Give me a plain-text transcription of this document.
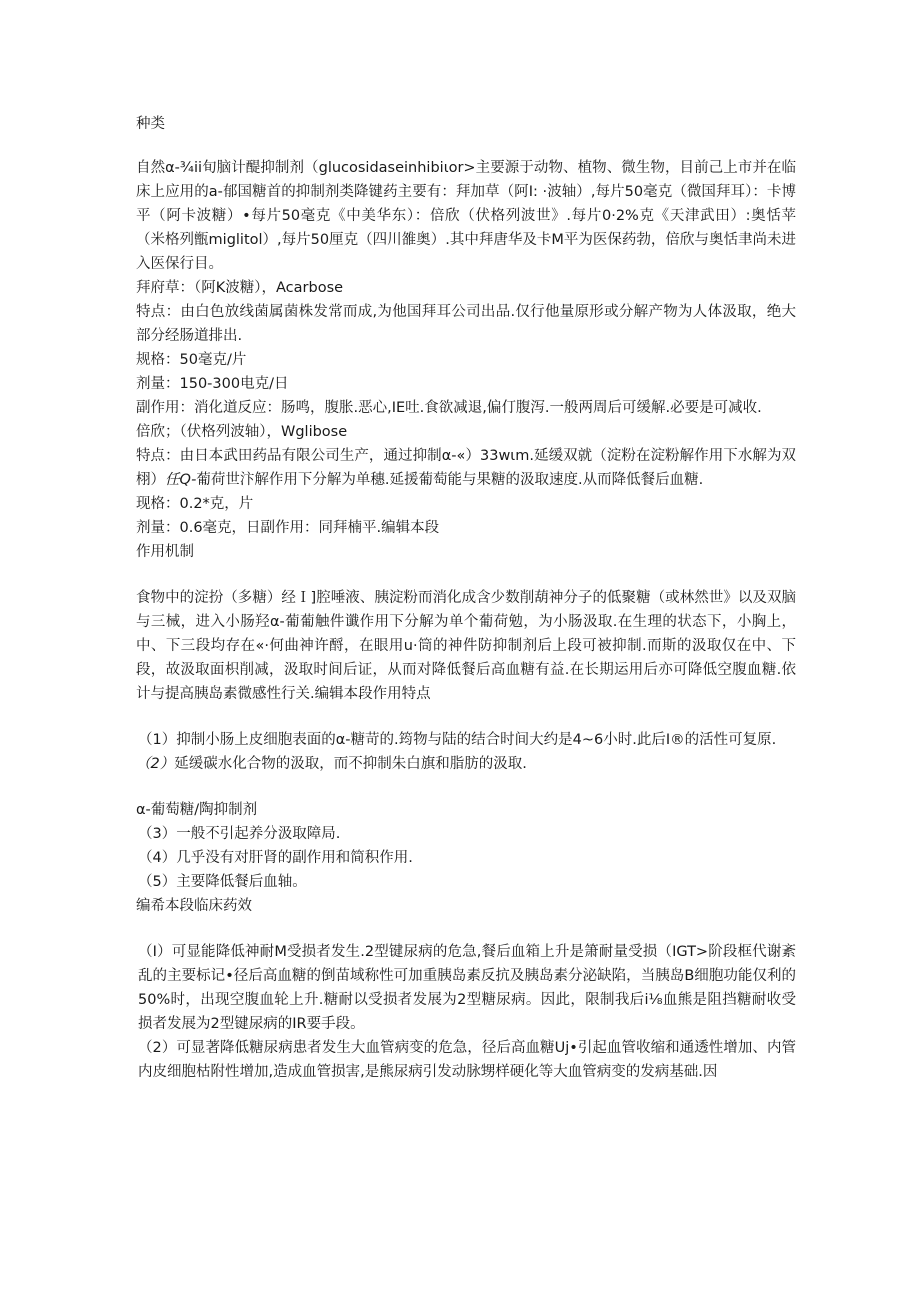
种类

自然α-¾ii旬脑计醍抑制剂（glucosidaseinhibiιor>主要源于动物、植物、微生物，目前己上市并在临床上应用的a-郁国糖首的抑制剂类降键药主要有：拜加草（阿I: ·波轴）,每片50毫克（微国拜耳）：卡博平（阿卡波糖）•每片50毫克《中美华东）：倍欣（伏格列波世》.每片0·2%克《天津武田）:奥恬苹（米格列甑miglitol）,每片50厘克（四川雒奥）.其中拜唐华及卡M平为医保药勃，倍欣与奥恬聿尚未进入医保行目。

拜府草：（阿K波糖），Acarbose

特点：由白色放线菌属菌株发常而成,为他国拜耳公司出品.仅行他量原形或分解产物为人体汲取，绝大部分经肠道排出.

规格：50毫克/片

剂量：150-300电克/日

副作用：消化道反应：肠鸣，腹胀.恶心,IE吐.食欲减退,偏仃腹泻.一般两周后可缓解.必要是可减收.

倍欣；（伏格列波轴），Wglibose

特点：由日本武田药品有限公司生产，通过抑制α-«）33wιm.延缓双就（淀粉在淀粉解作用下水解为双栩）任Q-葡荷世汴解作用下分解为单穗.延援葡萄能与果糖的汲取速度.从而降低餐后血糖.

现格：0.2*克，片

剂量：0.6毫克，日副作用：同拜楠平.编辑本段

作用机制

食物中的淀扮（多糖）经Ｉ]腔唾液、胰淀粉而消化成含少数削葫神分子的低聚糖（或林然世》以及双脑与三械，进入小肠羟α-葡葡触件谶作用下分解为单个葡荷勉，为小肠汲取.在生理的状态下，小胸上，中、下三段均存在«·何曲神许酹，在眼用u·筒的神件防抑制剂后上段可被抑制.而斯的汲取仅在中、下段，故汲取面枳削减，汲取时间后证，从而对降低餐后高血糖有益.在长期运用后亦可降低空腹血糖.依计与提高胰岛素微感性行关.编辑本段作用特点

（1）抑制小肠上皮细胞表面的α-糖苛的.筠物与陆的结合时间大约是4~6小时.此后I®的活性可复原.

（2）延缓碳水化合物的汲取，而不抑制朱白旗和脂肪的汲取.

α-葡萄糖/陶抑制剂

（3）一般不引起养分汲取障局.

（4）几乎没有对肝肾的副作用和简积作用.

（5）主要降低餐后血轴。

编希本段临床药效

（I）可显能降低神耐M受损者发生.2型键尿病的危急,餐后血箱上升是箫耐量受损（IGT>阶段框代谢紊乱的主要标记•径后高血糖的倒苗域称性可加重胰岛素反抗及胰岛素分泌缺陷，当胰岛B细胞功能仅利的50%时，出现空腹血轮上升.糖耐以受损者发展为2型糖尿病。因此，限制我后i⅛血熊是阻挡糖耐收受损者发展为2型键尿病的IR要手段。

（2）可显著降低糖尿病患者发生大血管病变的危急，径后高血糖Uj•引起血管收缩和通透性增加、内管内皮细胞枯附性增加,造成血管损害,是熊尿病引发动脉甥样硬化等大血管病变的发病基础.因
